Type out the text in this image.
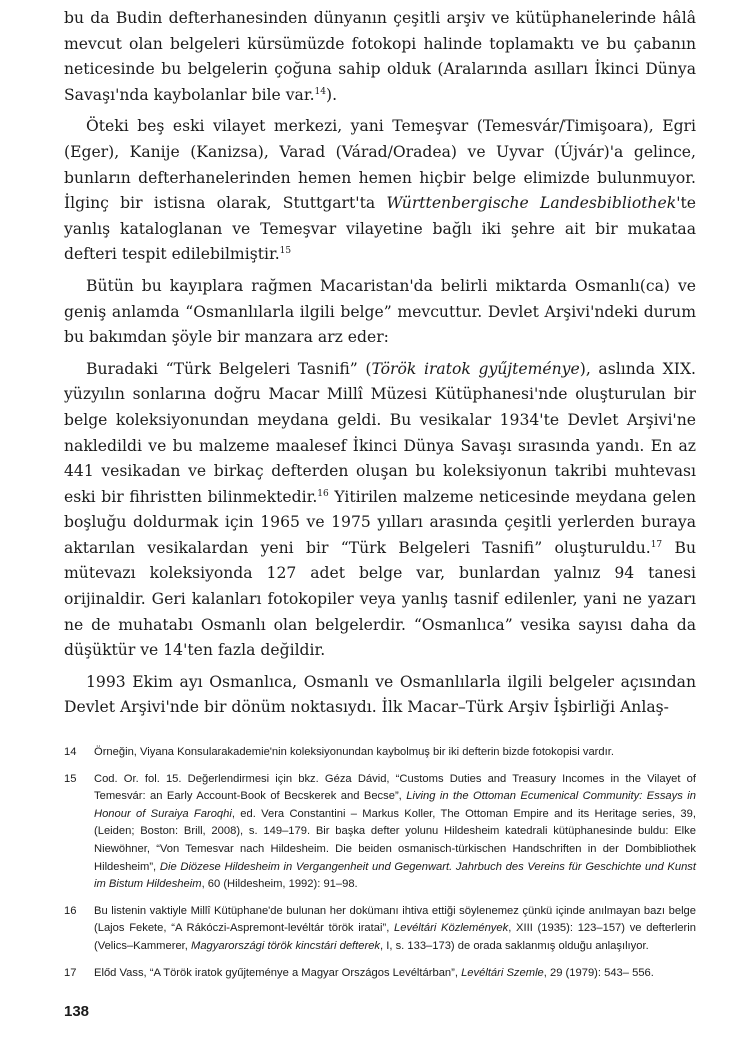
bu da Budin defterhanesinden dünyanın çeşitli arşiv ve kütüphanelerinde hâlâ mevcut olan belgeleri kürsümüzde fotokopi halinde toplamaktı ve bu çabanın neticesinde bu belgelerin çoğuna sahip olduk (Aralarında asılları İkinci Dünya Savaşı'nda kaybolanlar bile var.$^{14}$).

Öteki beş eski vilayet merkezi, yani Temeşvar (Temesvár/Timişoara), Egri (Eger), Kanije (Kanizsa), Varad (Várad/Oradea) ve Uyvar (Újvár)'a gelince, bunların defterhanelerinden hemen hemen hiçbir belge elimizde bulunmuyor. İlginç bir istisna olarak, Stuttgart'ta Württenbergische Landesbibliothek'te yanlış kataloglanan ve Temeşvar vilayetine bağlı iki şehre ait bir mukataa defteri tespit edilebilmiştir.$^{15}$

Bütün bu kayıplara rağmen Macaristan'da belirli miktarda Osmanlı(ca) ve geniş anlamda “Osmanlılarla ilgili belge” mevcuttur. Devlet Arşivi'ndeki durum bu bakımdan şöyle bir manzara arz eder:

Buradaki “Türk Belgeleri Tasnifi” (Török iratok gyűjteménye), aslında XIX. yüzyılın sonlarına doğru Macar Millî Müzesi Kütüphanesi'nde oluşturulan bir belge koleksiyonundan meydana geldi. Bu vesikalar 1934'te Devlet Arşivi'ne nakledildi ve bu malzeme maalesef İkinci Dünya Savaşı sırasında yandı. En az 441 vesikadan ve birkaç defterden oluşan bu koleksiyonun takribi muhtevası eski bir fihristten bilinmektedir.$^{16}$ Yitirilen malzeme neticesinde meydana gelen boşluğu doldurmak için 1965 ve 1975 yılları arasında çeşitli yerlerden buraya aktarılan vesikalardan yeni bir “Türk Belgeleri Tasnifi” oluşturuldu.$^{17}$ Bu mütevazı koleksiyonda 127 adet belge var, bunlardan yalnız 94 tanesi orijinaldir. Geri kalanları fotokopiler veya yanlış tasnif edilenler, yani ne yazarı ne de muhatabı Osmanlı olan belgelerdir. “Osmanlıca” vesika sayısı daha da düşüktür ve 14'ten fazla değildir.

1993 Ekim ayı Osmanlıca, Osmanlı ve Osmanlılarla ilgili belgeler açısından Devlet Arşivi'nde bir dönüm noktasıydı. İlk Macar–Türk Arşiv İşbirliği Anlaş-

14 Örneğin, Viyana Konsularakademie'nin koleksiyonundan kaybolmuş bir iki defterin bizde fotokopisi vardır.

15 Cod. Or. fol. 15. Değerlendirmesi için bkz. Géza Dávid, “Customs Duties and Treasury Incomes in the Vilayet of Temesvár: an Early Account-Book of Becskerek and Becse”, Living in the Ottoman Ecumenical Community: Essays in Honour of Suraiya Faroqhi, ed. Vera Constantini – Markus Koller, The Ottoman Empire and its Heritage series, 39, (Leiden; Boston: Brill, 2008), s. 149–179. Bir başka defter yolunu Hildesheim katedrali kütüphanesinde buldu: Elke Niewöhner, “Von Temesvar nach Hildesheim. Die beiden osmanisch-türkischen Handschriften in der Dombibliothek Hildesheim”, Die Diözese Hildesheim in Vergangenheit und Gegenwart. Jahrbuch des Vereins für Geschichte und Kunst im Bistum Hildesheim, 60 (Hildesheim, 1992): 91–98.

16 Bu listenin vaktiyle Millî Kütüphane'de bulunan her dokümanı ihtiva ettiği söylenemez çünkü içinde anılmayan bazı belge (Lajos Fekete, “A Rákóczi-Aspremont-levéltár török iratai”, Levéltári Közlemények, XIII (1935): 123–157) ve defterlerin (Velics–Kammerer, Magyarországi török kincstári defterek, I, s. 133–173) de orada saklanmış olduğu anlaşılıyor.

17 Előd Vass, “A Török iratok gyűjteménye a Magyar Országos Levéltárban”, Levéltári Szemle, 29 (1979): 543– 556.

138
